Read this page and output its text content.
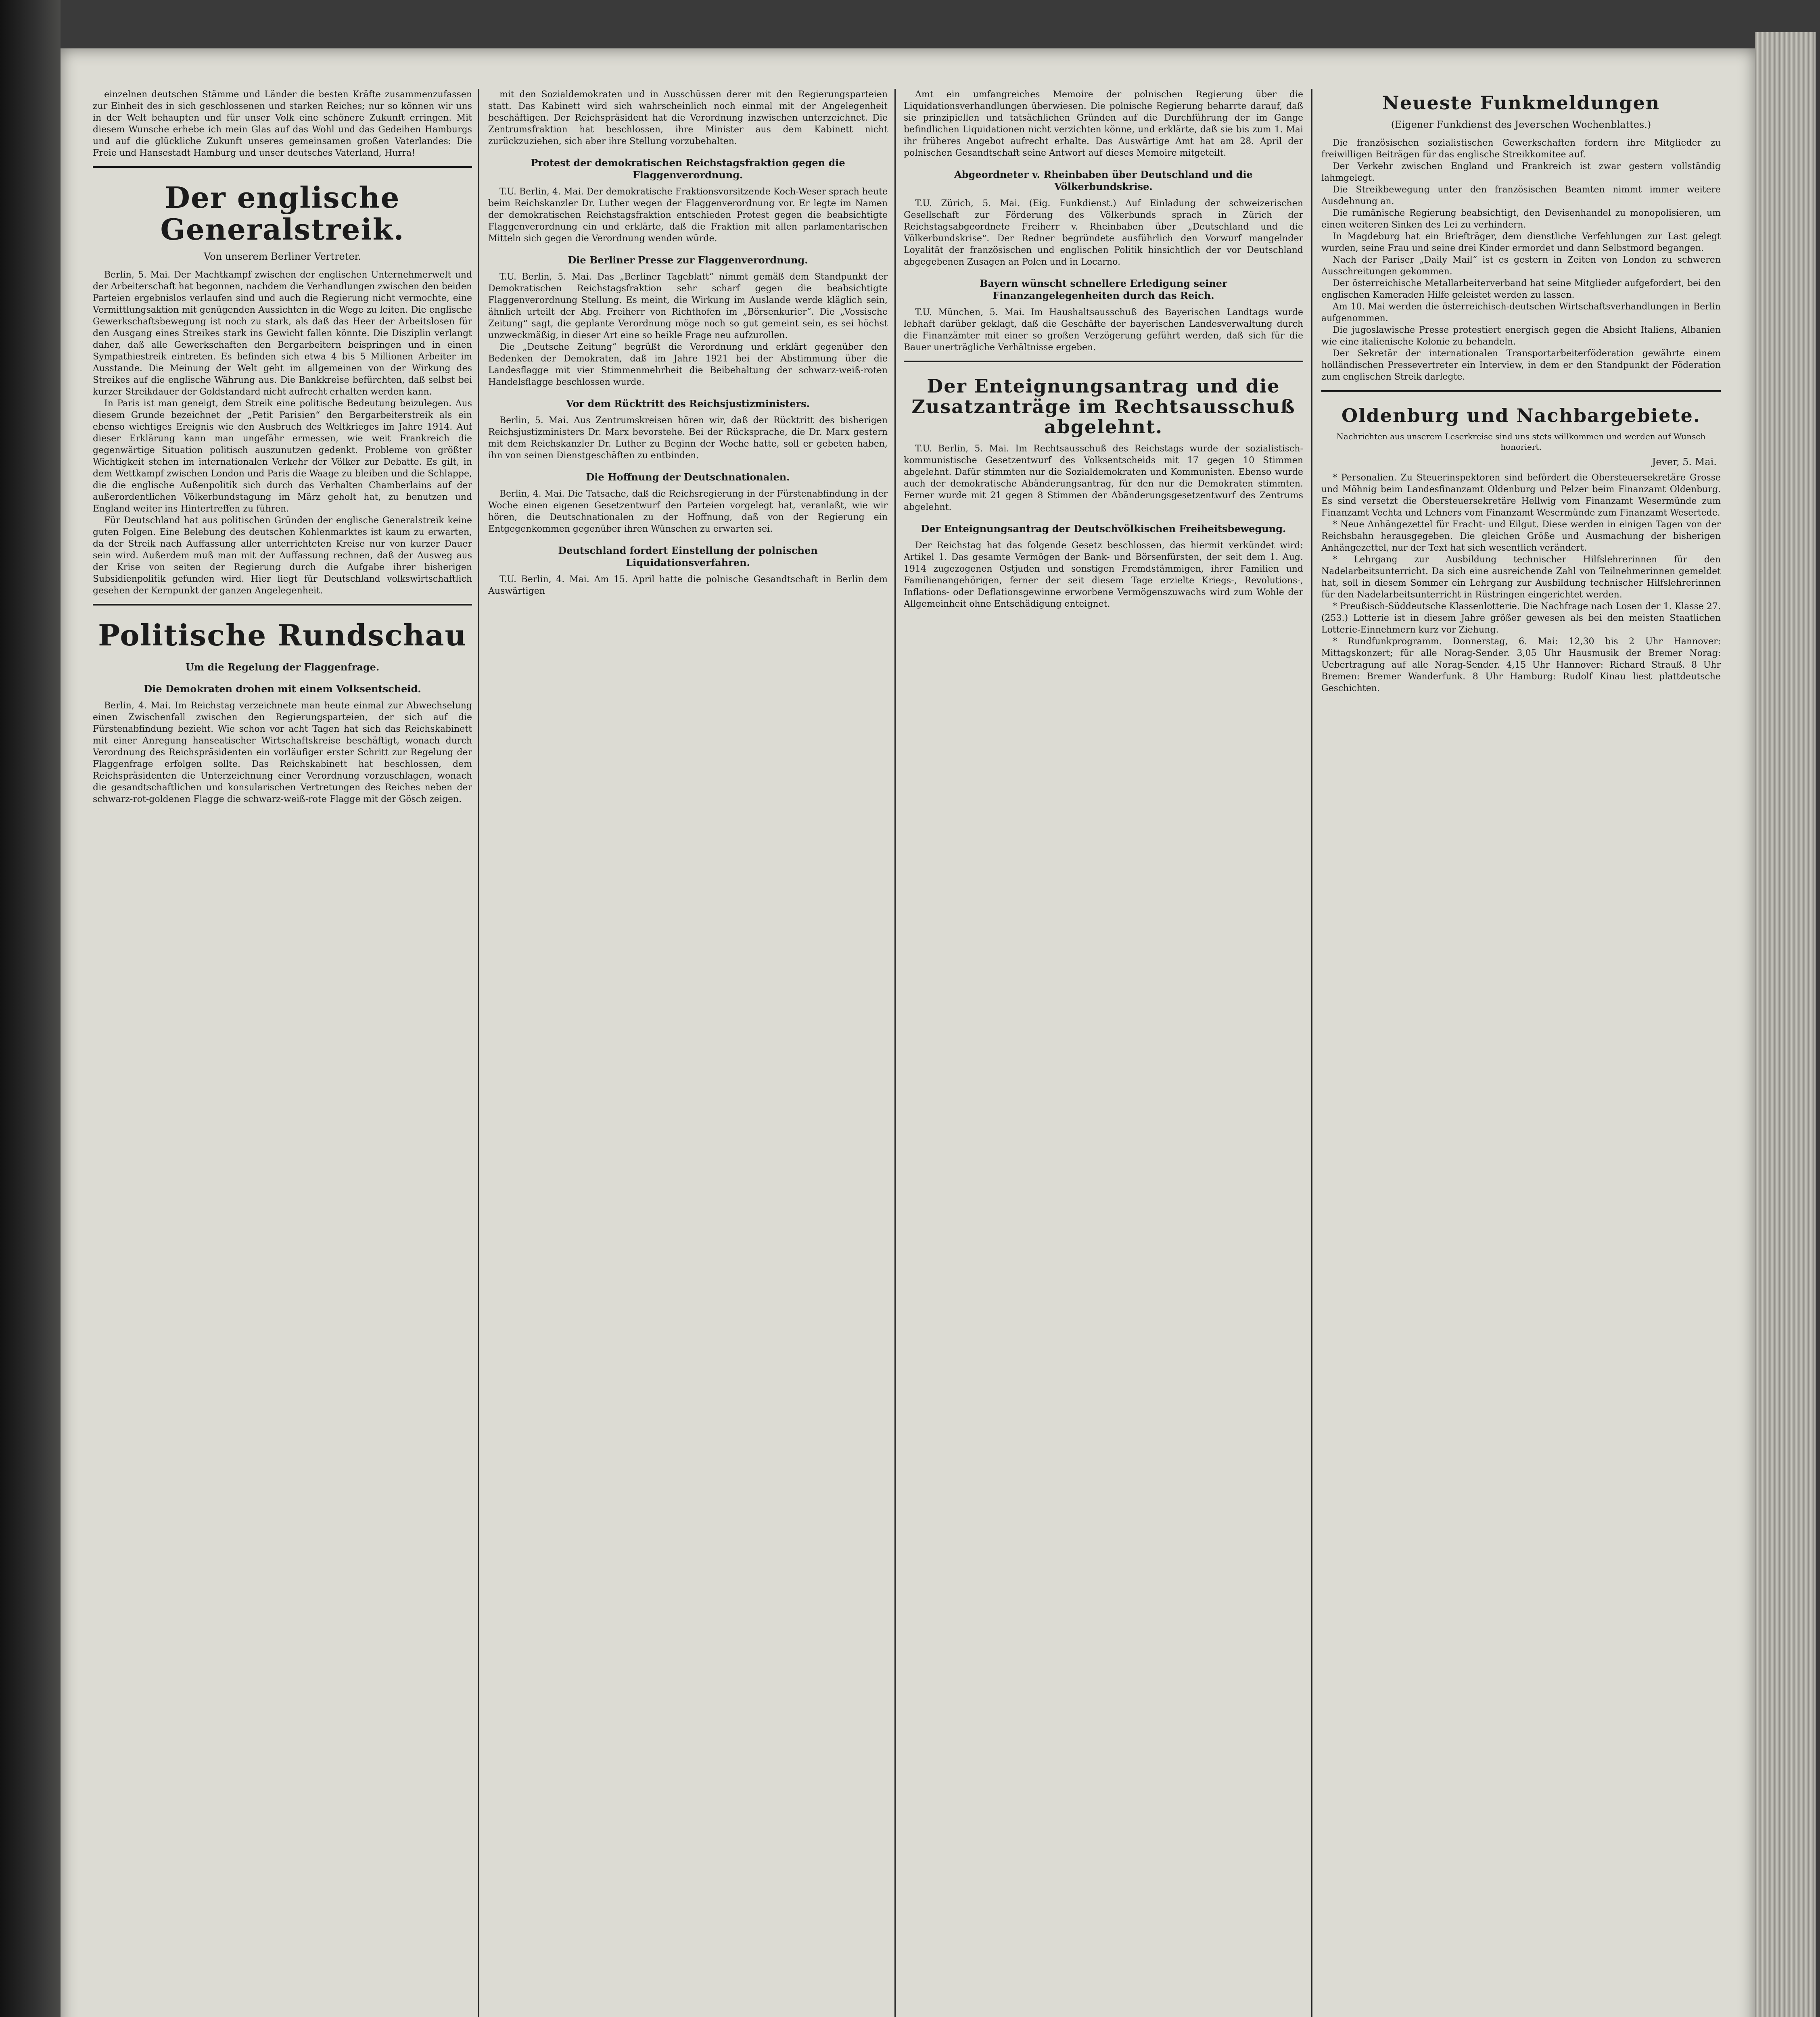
einzelnen deutschen Stämme und Länder die besten Kräfte zusammenzufassen zur Einheit des in sich geschlossenen und starken Reiches; nur so können wir uns in der Welt behaupten und für unser Volk eine schönere Zukunft erringen. Mit diesem Wunsche erhebe ich mein Glas auf das Wohl und das Gedeihen Hamburgs und auf die glückliche Zukunft unseres gemeinsamen großen Vaterlandes: Die Freie und Hansestadt Hamburg und unser deutsches Vaterland, Hurra!

Der englische Generalstreik.
Von unserem Berliner Vertreter.

Berlin, 5. Mai. Der Machtkampf zwischen der englischen Unternehmerwelt und der Arbeiterschaft hat begonnen, nachdem die Verhandlungen zwischen den beiden Parteien ergebnislos verlaufen sind und auch die Regierung nicht vermochte, eine Vermittlungsaktion mit genügenden Aussichten in die Wege zu leiten. Die englische Gewerkschaftsbewegung ist noch zu stark, als daß das Heer der Arbeitslosen für den Ausgang eines Streikes stark ins Gewicht fallen könnte. Die Disziplin verlangt daher, daß alle Gewerkschaften den Bergarbeitern beispringen und in einen Sympathiestreik eintreten. Es befinden sich etwa 4 bis 5 Millionen Arbeiter im Ausstande. Die Meinung der Welt geht im allgemeinen von der Wirkung des Streikes auf die englische Währung aus. Die Bankkreise befürchten, daß selbst bei kurzer Streikdauer der Goldstandard nicht aufrecht erhalten werden kann.

In Paris ist man geneigt, dem Streik eine politische Bedeutung beizulegen. Aus diesem Grunde bezeichnet der „Petit Parisien“ den Bergarbeiterstreik als ein ebenso wichtiges Ereignis wie den Ausbruch des Weltkrieges im Jahre 1914. Auf dieser Erklärung kann man ungefähr ermessen, wie weit Frankreich die gegenwärtige Situation politisch auszunutzen gedenkt. Probleme von größter Wichtigkeit stehen im internationalen Verkehr der Völker zur Debatte. Es gilt, in dem Wettkampf zwischen London und Paris die Waage zu bleiben und die Schlappe, die die englische Außenpolitik sich durch das Verhalten Chamberlains auf der außerordentlichen Völkerbundstagung im März geholt hat, zu benutzen und England weiter ins Hintertreffen zu führen.

Für Deutschland hat aus politischen Gründen der englische Generalstreik keine guten Folgen. Eine Belebung des deutschen Kohlenmarktes ist kaum zu erwarten, da der Streik nach Auffassung aller unterrichteten Kreise nur von kurzer Dauer sein wird. Außerdem muß man mit der Auffassung rechnen, daß der Ausweg aus der Krise von seiten der Regierung durch die Aufgabe ihrer bisherigen Subsidienpolitik gefunden wird. Hier liegt für Deutschland volkswirtschaftlich gesehen der Kernpunkt der ganzen Angelegenheit.

Politische Rundschau
Um die Regelung der Flaggenfrage.
Die Demokraten drohen mit einem Volksentscheid.

Berlin, 4. Mai. Im Reichstag verzeichnete man heute einmal zur Abwechselung einen Zwischenfall zwischen den Regierungsparteien, der sich auf die Fürstenabfindung bezieht. Wie schon vor acht Tagen hat sich das Reichskabinett mit einer Anregung hanseatischer Wirtschaftskreise beschäftigt, wonach durch Verordnung des Reichspräsidenten ein vorläufiger erster Schritt zur Regelung der Flaggenfrage erfolgen sollte. Das Reichskabinett hat beschlossen, dem Reichspräsidenten die Unterzeichnung einer Verordnung vorzuschlagen, wonach die gesandtschaftlichen und konsularischen Vertretungen des Reiches neben der schwarz-rot-goldenen Flagge die schwarz-weiß-rote Flagge mit der Gösch zeigen.

mit den Sozialdemokraten und in Ausschüssen derer mit den Regierungsparteien statt. Das Kabinett wird sich wahrscheinlich noch einmal mit der Angelegenheit beschäftigen. Der Reichspräsident hat die Verordnung inzwischen unterzeichnet. Die Zentrumsfraktion hat beschlossen, ihre Minister aus dem Kabinett nicht zurückzuziehen, sich aber ihre Stellung vorzubehalten.

Protest der demokratischen Reichstagsfraktion gegen die Flaggenverordnung.

T.U. Berlin, 4. Mai. Der demokratische Fraktionsvorsitzende Koch-Weser sprach heute beim Reichskanzler Dr. Luther wegen der Flaggenverordnung vor. Er legte im Namen der demokratischen Reichstagsfraktion entschieden Protest gegen die beabsichtigte Flaggenverordnung ein und erklärte, daß die Fraktion mit allen parlamentarischen Mitteln sich gegen die Verordnung wenden würde.

Die Berliner Presse zur Flaggenverordnung.

T.U. Berlin, 5. Mai. Das „Berliner Tageblatt“ nimmt gemäß dem Standpunkt der Demokratischen Reichstagsfraktion sehr scharf gegen die beabsichtigte Flaggenverordnung Stellung. Es meint, die Wirkung im Auslande werde kläglich sein, ähnlich urteilt der Abg. Freiherr von Richthofen im „Börsenkurier“. Die „Vossische Zeitung“ sagt, die geplante Verordnung möge noch so gut gemeint sein, es sei höchst unzweckmäßig, in dieser Art eine so heikle Frage neu aufzurollen.

Die „Deutsche Zeitung“ begrüßt die Verordnung und erklärt gegenüber den Bedenken der Demokraten, daß im Jahre 1921 bei der Abstimmung über die Landesflagge mit vier Stimmenmehrheit die Beibehaltung der schwarz-weiß-roten Handelsflagge beschlossen wurde.

Vor dem Rücktritt des Reichsjustizministers.

Berlin, 5. Mai. Aus Zentrumskreisen hören wir, daß der Rücktritt des bisherigen Reichsjustizministers Dr. Marx bevorstehe. Bei der Rücksprache, die Dr. Marx gestern mit dem Reichskanzler Dr. Luther zu Beginn der Woche hatte, soll er gebeten haben, ihn von seinen Dienstgeschäften zu entbinden.

Die Hoffnung der Deutschnationalen.

Berlin, 4. Mai. Die Tatsache, daß die Reichsregierung in der Fürstenabfindung in der Woche einen eigenen Gesetzentwurf den Parteien vorgelegt hat, veranlaßt, wie wir hören, die Deutschnationalen zu der Hoffnung, daß von der Regierung ein Entgegenkommen gegenüber ihren Wünschen zu erwarten sei.

Deutschland fordert Einstellung der polnischen Liquidationsverfahren.

T.U. Berlin, 4. Mai. Am 15. April hatte die polnische Gesandtschaft in Berlin dem Auswärtigen

Amt ein umfangreiches Memoire der polnischen Regierung über die Liquidationsverhandlungen überwiesen. Die polnische Regierung beharrte darauf, daß sie prinzipiellen und tatsächlichen Gründen auf die Durchführung der im Gange befindlichen Liquidationen nicht verzichten könne, und erklärte, daß sie bis zum 1. Mai ihr früheres Angebot aufrecht erhalte. Das Auswärtige Amt hat am 28. April der polnischen Gesandtschaft seine Antwort auf dieses Memoire mitgeteilt.

Abgeordneter v. Rheinbaben über Deutschland und die Völkerbundskrise.

T.U. Zürich, 5. Mai. (Eig. Funkdienst.) Auf Einladung der schweizerischen Gesellschaft zur Förderung des Völkerbunds sprach in Zürich der Reichstagsabgeordnete Freiherr v. Rheinbaben über „Deutschland und die Völkerbundskrise“. Der Redner begründete ausführlich den Vorwurf mangelnder Loyalität der französischen und englischen Politik hinsichtlich der vor Deutschland abgegebenen Zusagen an Polen und in Locarno.

Bayern wünscht schnellere Erledigung seiner Finanzangelegenheiten durch das Reich.

T.U. München, 5. Mai. Im Haushaltsausschuß des Bayerischen Landtags wurde lebhaft darüber geklagt, daß die Geschäfte der bayerischen Landesverwaltung durch die Finanzämter mit einer so großen Verzögerung geführt werden, daß sich für die Bauer unerträgliche Verhältnisse ergeben.

Der Enteignungsantrag und die Zusatzanträge im Rechtsausschuß abgelehnt.

T.U. Berlin, 5. Mai. Im Rechtsausschuß des Reichstags wurde der sozialistisch-kommunistische Gesetzentwurf des Volksentscheids mit 17 gegen 10 Stimmen abgelehnt. Dafür stimmten nur die Sozialdemokraten und Kommunisten. Ebenso wurde auch der demokratische Abänderungsantrag, für den nur die Demokraten stimmten. Ferner wurde mit 21 gegen 8 Stimmen der Abänderungsgesetzentwurf des Zentrums abgelehnt.

Der Enteignungsantrag der Deutschvölkischen Freiheitsbewegung.

Der Reichstag hat das folgende Gesetz beschlossen, das hiermit verkündet wird: Artikel 1. Das gesamte Vermögen der Bank- und Börsenfürsten, der seit dem 1. Aug. 1914 zugezogenen Ostjuden und sonstigen Fremdstämmigen, ihrer Familien und Familienangehörigen, ferner der seit diesem Tage erzielte Kriegs-, Revolutions-, Inflations- oder Deflationsgewinne erworbene Vermögenszuwachs wird zum Wohle der Allgemeinheit ohne Entschädigung enteignet.

Neueste Funkmeldungen
(Eigener Funkdienst des Jeverschen Wochenblattes.)

Die französischen sozialistischen Gewerkschaften fordern ihre Mitglieder zu freiwilligen Beiträgen für das englische Streikkomitee auf.

Der Verkehr zwischen England und Frankreich ist zwar gestern vollständig lahmgelegt.

Die Streikbewegung unter den französischen Beamten nimmt immer weitere Ausdehnung an.

Die rumänische Regierung beabsichtigt, den Devisenhandel zu monopolisieren, um einen weiteren Sinken des Lei zu verhindern.

In Magdeburg hat ein Briefträger, dem dienstliche Verfehlungen zur Last gelegt wurden, seine Frau und seine drei Kinder ermordet und dann Selbstmord begangen.

Nach der Pariser „Daily Mail“ ist es gestern in Zeiten von London zu schweren Ausschreitungen gekommen.

Der österreichische Metallarbeiterverband hat seine Mitglieder aufgefordert, bei den englischen Kameraden Hilfe geleistet werden zu lassen.

Am 10. Mai werden die österreichisch-deutschen Wirtschaftsverhandlungen in Berlin aufgenommen.

Die jugoslawische Presse protestiert energisch gegen die Absicht Italiens, Albanien wie eine italienische Kolonie zu behandeln.

Der Sekretär der internationalen Transportarbeiterföderation gewährte einem holländischen Pressevertreter ein Interview, in dem er den Standpunkt der Föderation zum englischen Streik darlegte.

Oldenburg und Nachbargebiete.
Nachrichten aus unserem Leserkreise sind uns stets willkommen und werden auf Wunsch honoriert.
Jever, 5. Mai.

* Personalien. Zu Steuerinspektoren sind befördert die Obersteuersekretäre Grosse und Möhnig beim Landesfinanzamt Oldenburg und Pelzer beim Finanzamt Oldenburg. Es sind versetzt die Obersteuersekretäre Hellwig vom Finanzamt Wesermünde zum Finanzamt Vechta und Lehners vom Finanzamt Wesermünde zum Finanzamt Wesertede.

* Neue Anhängezettel für Fracht- und Eilgut. Diese werden in einigen Tagen von der Reichsbahn herausgegeben. Die gleichen Größe und Ausmachung der bisherigen Anhängezettel, nur der Text hat sich wesentlich verändert.

* Lehrgang zur Ausbildung technischer Hilfslehrerinnen für den Nadelarbeitsunterricht. Da sich eine ausreichende Zahl von Teilnehmerinnen gemeldet hat, soll in diesem Sommer ein Lehrgang zur Ausbildung technischer Hilfslehrerinnen für den Nadelarbeitsunterricht in Rüstringen eingerichtet werden.

* Preußisch-Süddeutsche Klassenlotterie. Die Nachfrage nach Losen der 1. Klasse 27. (253.) Lotterie ist in diesem Jahre größer gewesen als bei den meisten Staatlichen Lotterie-Einnehmern kurz vor Ziehung.

* Rundfunkprogramm. Donnerstag, 6. Mai: 12,30 bis 2 Uhr Hannover: Mittagskonzert; für alle Norag-Sender. 3,05 Uhr Hausmusik der Bremer Norag: Uebertragung auf alle Norag-Sender. 4,15 Uhr Hannover: Richard Strauß. 8 Uhr Bremen: Bremer Wanderfunk. 8 Uhr Hamburg: Rudolf Kinau liest plattdeutsche Geschichten.
